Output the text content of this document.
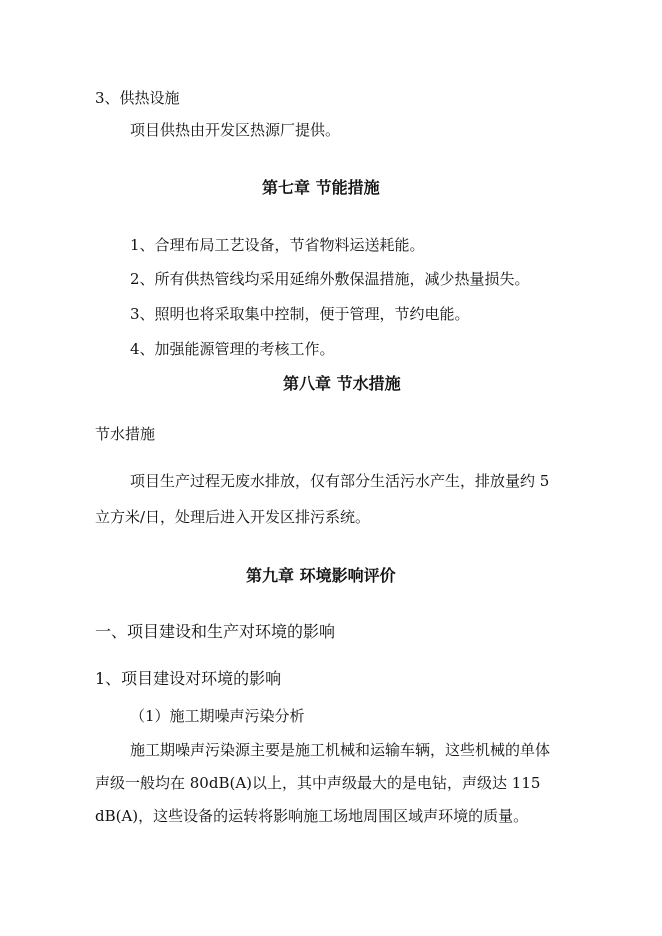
3、供热设施
项目供热由开发区热源厂提供。
第七章 节能措施
1、合理布局工艺设备，节省物料运送耗能。
2、所有供热管线均采用延绵外敷保温措施，减少热量损失。
3、照明也将采取集中控制，便于管理，节约电能。
4、加强能源管理的考核工作。
第八章 节水措施
节水措施
项目生产过程无废水排放，仅有部分生活污水产生，排放量约 5
立方米/日，处理后进入开发区排污系统。
第九章 环境影响评价
一、项目建设和生产对环境的影响
1、项目建设对环境的影响
（1）施工期噪声污染分析
施工期噪声污染源主要是施工机械和运输车辆，这些机械的单体
声级一般均在 80dB(A)以上，其中声级最大的是电钻，声级达 115
dB(A)，这些设备的运转将影响施工场地周围区域声环境的质量。
